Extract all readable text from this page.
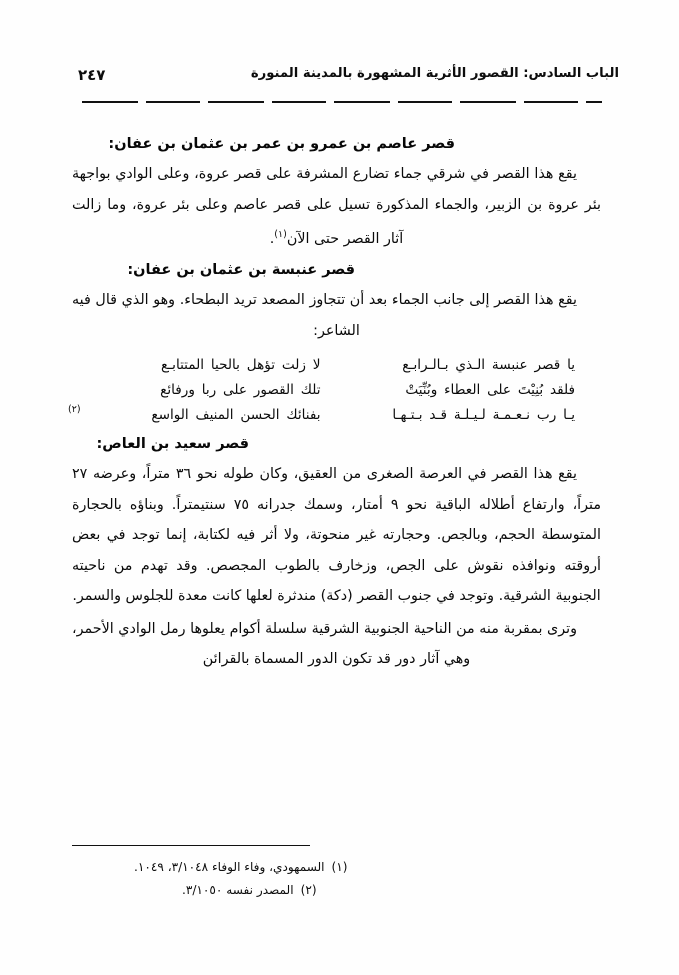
الباب السادس: القصور الأثرية المشهورة بالمدينة المنورة
٢٤٧
قصر عاصم بن عمرو بن عمر بن عثمان بن عفان:

يقع هذا القصر في شرقي جماء تضارع المشرفة على قصر عروة، وعلى الوادي بواجهة بئر عروة بن الزبير، والجماء المذكورة تسيل على قصر عاصم وعلى بئر عروة، وما زالت آثار القصر حتى الآن$^{(١)}$.

قصر عنبسة بن عثمان بن عفان:

يقع هذا القصر إلى جانب الجماء بعد أن تتجاوز المصعد تريد البطحاء. وهو الذي قال فيه الشاعر:

يا قصر عنبسة الـذي بـالـرابـع
لا زلت تؤهل بالحيا المتتابـع
فلقد بُنِيْتَ على العطاء وبُنِّيَتْ
تلك القصور على ربا ورفائع
يـا رب نـعـمـة لـيـلـة قـد بـتـهـا
بفنائك الحسن المنيف الواسع
(٢)
قصر سعيد بن العاص:

يقع هذا القصر في العرصة الصغرى من العقيق، وكان طوله نحو ٣٦ متراً، وعرضه ٢٧ متراً، وارتفاع أطلاله الباقية نحو ٩ أمتار، وسمك جدرانه ٧٥ سنتيمتراً. وبناؤه بالحجارة المتوسطة الحجم، وبالجص. وحجارته غير منحوتة، ولا أثر فيه لكتابة، إنما توجد في بعض أروقته ونوافذه نقوش على الجص، وزخارف بالطوب المجصص. وقد تهدم من ناحيته الجنوبية الشرقية. وتوجد في جنوب القصر (دكة) مندثرة لعلها كانت معدة للجلوس والسمر.

وترى بمقربة منه من الناحية الجنوبية الشرقية سلسلة أكوام يعلوها رمل الوادي الأحمر، وهي آثار دور قد تكون الدور المسماة بالقرائن

(١)السمهودي، وفاء الوفاء ٣/١٠٤٨، ١٠٤٩.
(٢)المصدر نفسه ٣/١٠٥٠.
